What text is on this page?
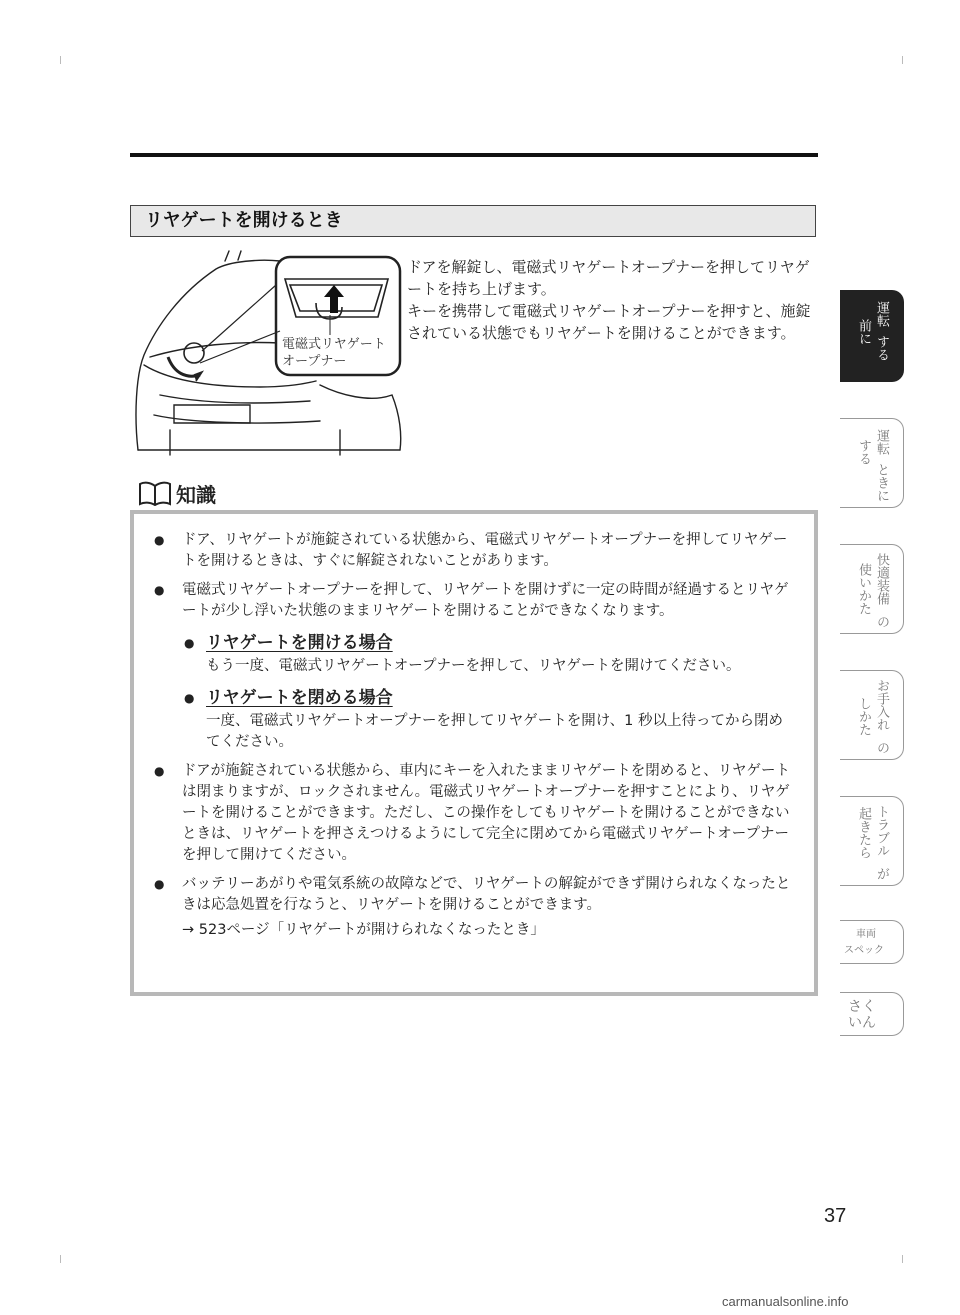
リヤゲートを開けるとき
電磁式リヤゲート
オープナー

ドアを解錠し、電磁式リヤゲートオープナーを押してリヤゲートを持ち上げます。

キーを携帯して電磁式リヤゲートオープナーを押すと、施錠されている状態でもリヤゲートを開けることができます。

知識
●	ドア、リヤゲートが施錠されている状態から、電磁式リヤゲートオープナーを押してリヤゲートを開けるときは、すぐに解錠されないことがあります。
●	電磁式リヤゲートオープナーを押して、リヤゲートを開けずに一定の時間が経過するとリヤゲートが少し浮いた状態のままリヤゲートを開けることができなくなります。
● リヤゲートを開ける場合
もう一度、電磁式リヤゲートオープナーを押して、リヤゲートを開けてください。
● リヤゲートを閉める場合
一度、電磁式リヤゲートオープナーを押してリヤゲートを開け、1 秒以上待ってから閉めてください。
●	ドアが施錠されている状態から、車内にキーを入れたままリヤゲートを閉めると、リヤゲートは閉まりますが、ロックされません。電磁式リヤゲートオープナーを押すことにより、リヤゲートを開けることができます。ただし、この操作をしてもリヤゲートを開けることができないときは、リヤゲートを押さえつけるようにして完全に閉めてから電磁式リヤゲートオープナーを押して開けてください。
●	バッテリーあがりや電気系統の故障などで、リヤゲートの解錠ができず開けられなくなったときは応急処置を行なうと、リヤゲートを開けることができます。
→ 523ページ「リヤゲートが開けられなくなったとき」
運転
前に
する
運転
ときに
する
快適装備
の
使いかた
お手入れ
の
しかた
トラブル
が
起きたら
車両
スペック
さく
いん
37
carmanualsonline.info
